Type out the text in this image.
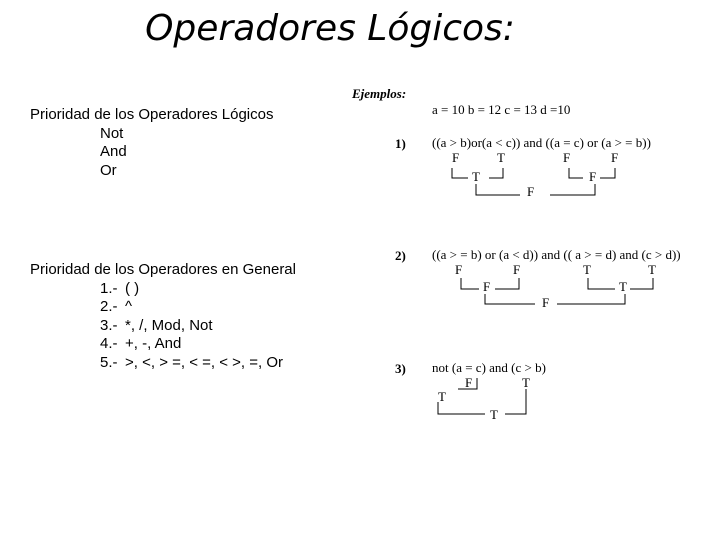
Operadores Lógicos:
Prioridad de los Operadores Lógicos
Not
And
Or
Prioridad de los Operadores en General
1.- ( )
2.- ^
3.- *, /, Mod, Not
4.- +, -, And
5.- >, <, > =, < =, < >, =, Or
Ejemplos:
a = 10 b = 12 c = 13 d =10
1) ((a > b)or(a < c)) and ((a = c) or (a > = b))
F	T	F	F
T	F
F
2) ((a > = b) or (a < d)) and (( a > = d) and (c > d))
F	F	T	T
F	T
F
3) not (a = c) and (c > b)
F	T
T
T
